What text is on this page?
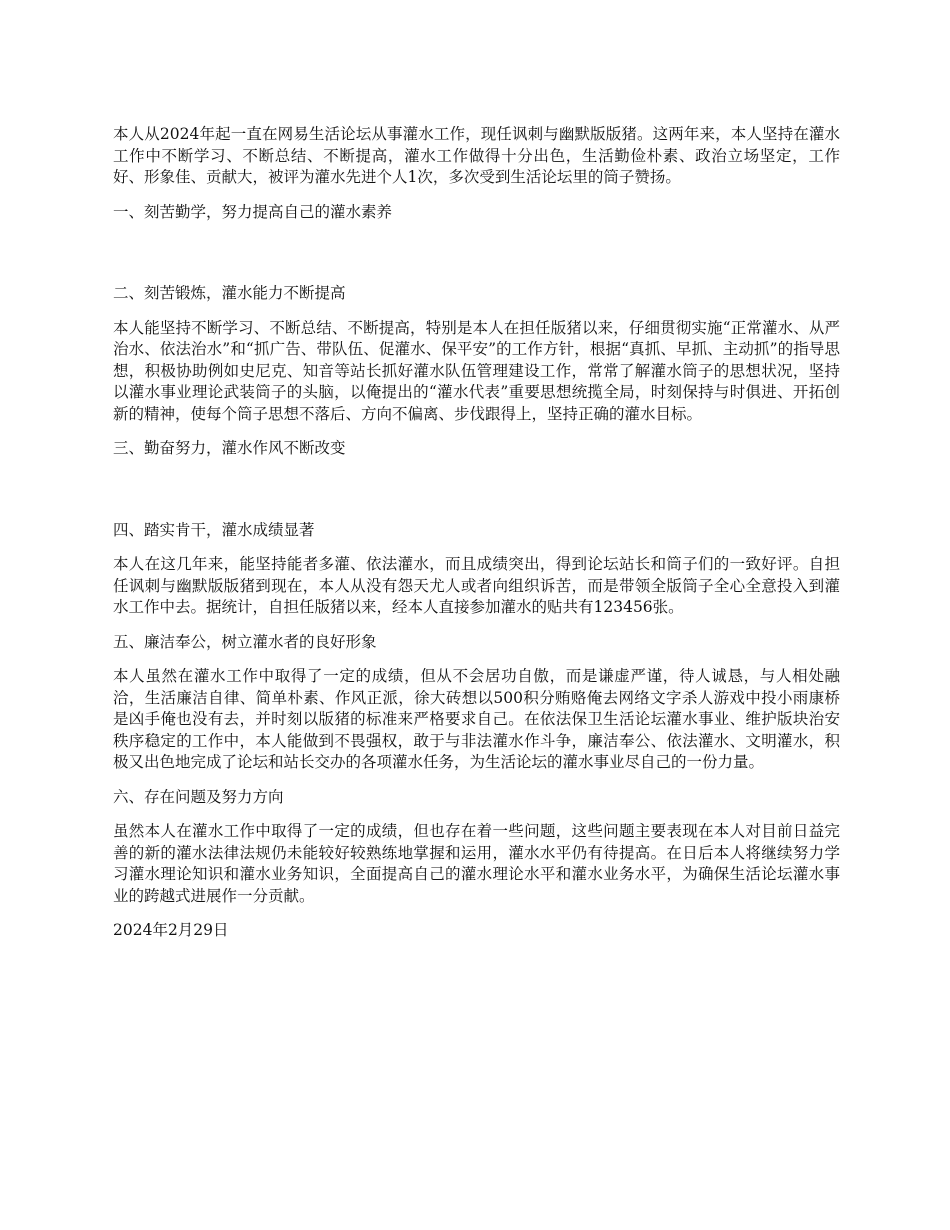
本人从2024年起一直在网易生活论坛从事灌水工作，现任讽刺与幽默版版猪。这两年来，本人坚持在灌水工作中不断学习、不断总结、不断提高，灌水工作做得十分出色，生活勤俭朴素、政治立场坚定，工作好、形象佳、贡献大，被评为灌水先进个人1次，多次受到生活论坛里的筒子赞扬。

一、刻苦勤学，努力提高自己的灌水素养

二、刻苦锻炼，灌水能力不断提高

本人能坚持不断学习、不断总结、不断提高，特别是本人在担任版猪以来，仔细贯彻实施“正常灌水、从严治水、依法治水”和“抓广告、带队伍、促灌水、保平安”的工作方针，根据“真抓、早抓、主动抓”的指导思想，积极协助例如史尼克、知音等站长抓好灌水队伍管理建设工作，常常了解灌水筒子的思想状况，坚持以灌水事业理论武装筒子的头脑，以俺提出的“灌水代表”重要思想统揽全局，时刻保持与时俱进、开拓创新的精神，使每个筒子思想不落后、方向不偏离、步伐跟得上，坚持正确的灌水目标。

三、勤奋努力，灌水作风不断改变

四、踏实肯干，灌水成绩显著

本人在这几年来，能坚持能者多灌、依法灌水，而且成绩突出，得到论坛站长和筒子们的一致好评。自担任讽刺与幽默版版猪到现在，本人从没有怨天尤人或者向组织诉苦，而是带领全版筒子全心全意投入到灌水工作中去。据统计，自担任版猪以来，经本人直接参加灌水的贴共有123456张。

五、廉洁奉公，树立灌水者的良好形象

本人虽然在灌水工作中取得了一定的成绩，但从不会居功自傲，而是谦虚严谨，待人诚恳，与人相处融洽，生活廉洁自律、简单朴素、作风正派，徐大砖想以500积分贿赂俺去网络文字杀人游戏中投小雨康桥是凶手俺也没有去，并时刻以版猪的标准来严格要求自己。在依法保卫生活论坛灌水事业、维护版块治安秩序稳定的工作中，本人能做到不畏强权，敢于与非法灌水作斗争，廉洁奉公、依法灌水、文明灌水，积极又出色地完成了论坛和站长交办的各项灌水任务，为生活论坛的灌水事业尽自己的一份力量。

六、存在问题及努力方向

虽然本人在灌水工作中取得了一定的成绩，但也存在着一些问题，这些问题主要表现在本人对目前日益完善的新的灌水法律法规仍未能较好较熟练地掌握和运用，灌水水平仍有待提高。在日后本人将继续努力学习灌水理论知识和灌水业务知识，全面提高自己的灌水理论水平和灌水业务水平，为确保生活论坛灌水事业的跨越式进展作一分贡献。

2024年2月29日
